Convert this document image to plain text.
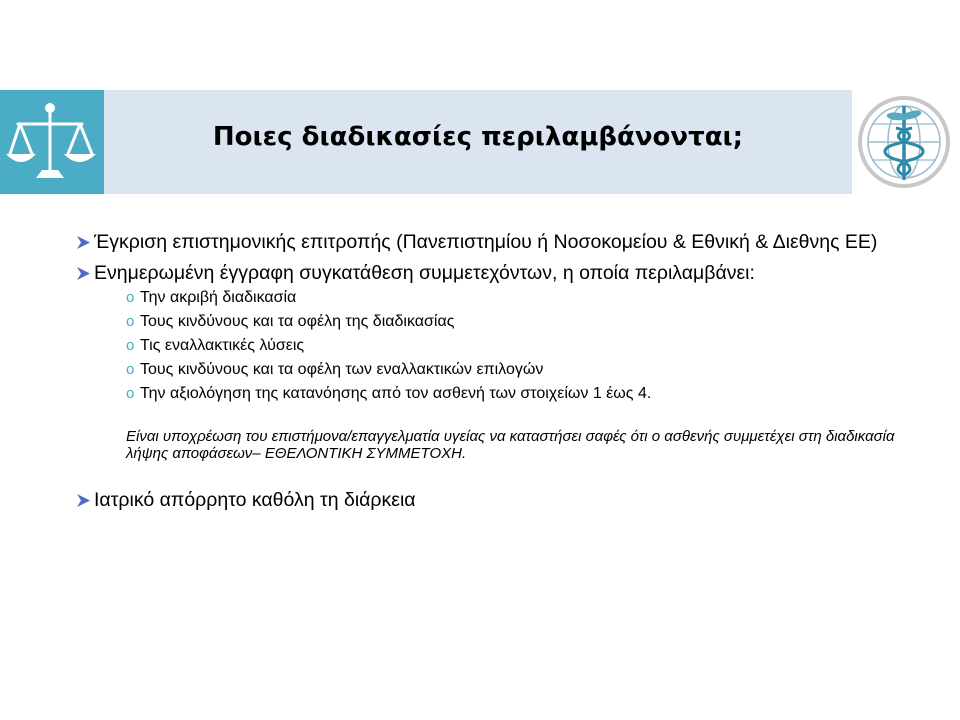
Ποιες διαδικασίες περιλαμβάνονται;
Έγκριση επιστημονικής επιτροπής (Πανεπιστημίου ή Νοσοκομείου & Εθνική & Διεθνης ΕΕ)
Ενημερωμένη έγγραφη συγκατάθεση συμμετεχόντων, η οποία περιλαμβάνει:
o Την ακριβή διαδικασία
o Τους κινδύνους και τα οφέλη της διαδικασίας
o Τις εναλλακτικές λύσεις
o Τους κινδύνους και τα οφέλη των εναλλακτικών επιλογών
o Την αξιολόγηση της κατανόησης από τον ασθενή των στοιχείων 1 έως 4.
Είναι υποχρέωση του επιστήμονα/επαγγελματία υγείας να καταστήσει σαφές ότι ο ασθενής συμμετέχει στη διαδικασία λήψης αποφάσεων– ΕΘΕΛΟΝΤΙΚΗ ΣΥΜΜΕΤΟΧΗ.
Ιατρικό απόρρητο καθόλη τη διάρκεια
